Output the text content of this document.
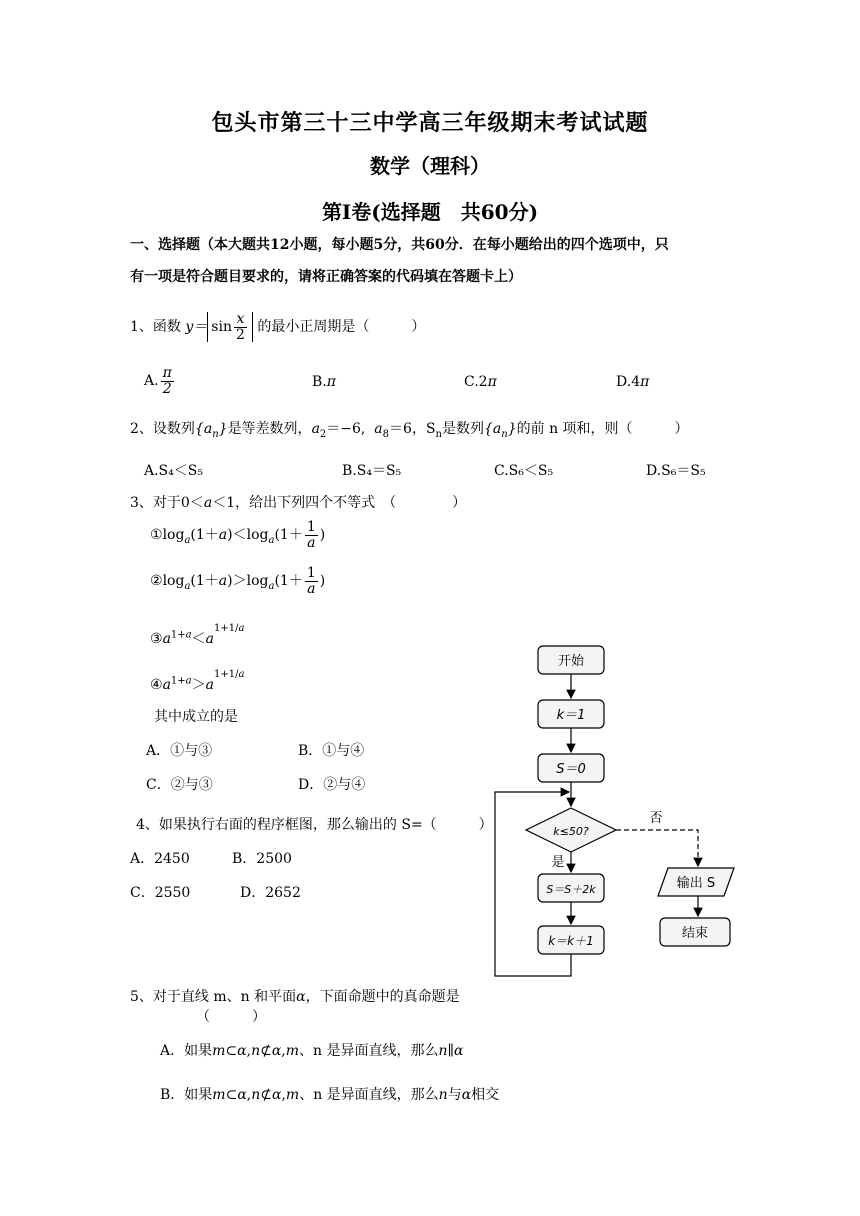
包头市第三十三中学高三年级期末考试试题
数学（理科）
第Ⅰ卷(选择题　共60分)
一、选择题（本大题共12小题，每小题5分，共60分．在每小题给出的四个选项中，只
有一项是符合题目要求的，请将正确答案的代码填在答题卡上）
1、函数 $y= \sin \frac{x}{2}$ 的最小正周期是（　　　）
A. $\frac{\pi}{2}$	B.π	C.2π	D.4π
2、设数列$\{a_n\}$是等差数列，$a_2=-6$,  $a_8=6$，$S_n$是数列$\{a_n\}$的前 n 项和，则（　　　）
A.S₄＜S₅	B.S₄＝S₅	C.S₆＜S₅	D.S₆＝S₅
3、对于0＜a＜1，给出下列四个不等式　（　　　　）
$①\log_a(1+a)<\log_a(1+ \frac{1}{a}$ )
$②\log_a(1+a)>\log_a(1+ \frac{1}{a}$ )
$③a^{1+a}<a^{1+1/a}$
$④a^{1+a}>a^{1+1/a}$
其中成立的是
A．①与③	B．①与④
C．②与③	D．②与④
4、如果执行右面的程序框图，那么输出的 S=（　　　）
A．2450	B．2500
C．2550	D．2652
开始
k＝1
S＝0
k≤50?
否
是
S＝S＋2k
k＝k＋1
输出 S
结束
5、对于直线 m、n 和平面α，下面命题中的真命题是
（　　　）
A．如果m⊂α,n⊄α,m、n 是异面直线，那么n∥α
B．如果m⊂α,n⊄α,m、n 是异面直线，那么n与α相交
